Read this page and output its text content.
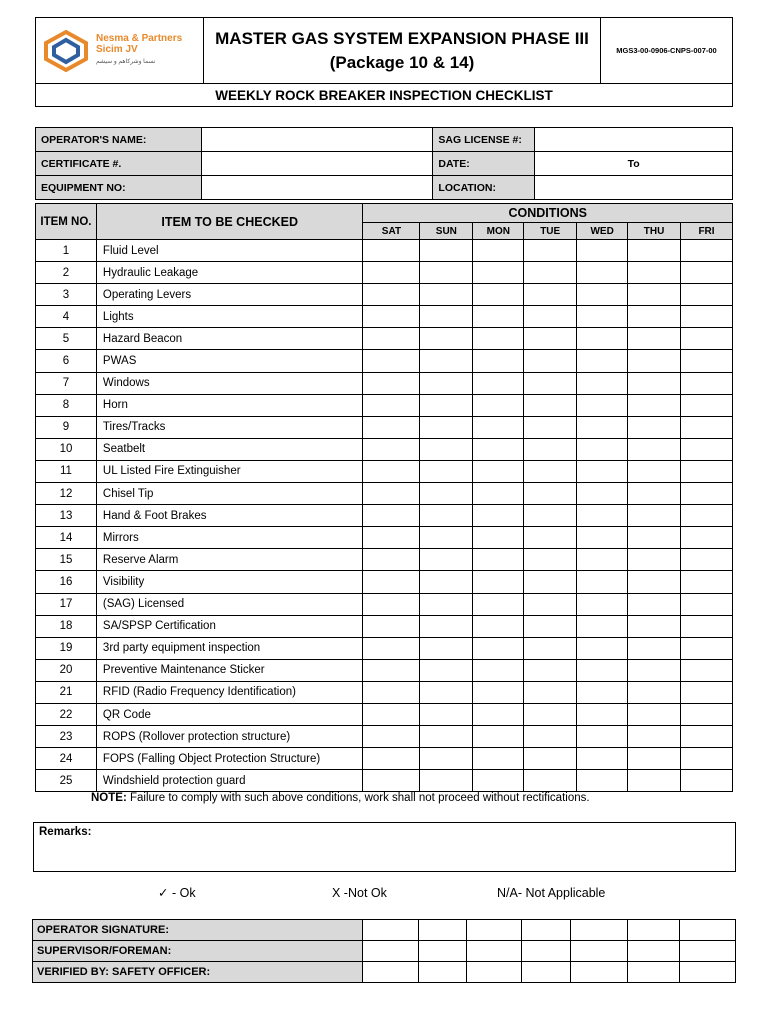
Nesma & Partners
Sicim JV
نسما وشركاهم و سيشم
MASTER GAS SYSTEM EXPANSION PHASE III
(Package 10 & 14)
MGS3-00-0906-CNPS-007-00
WEEKLY ROCK BREAKER INSPECTION CHECKLIST
OPERATOR'S NAME:		SAG LICENSE #:	
CERTIFICATE #.		DATE:	To
EQUIPMENT NO:		LOCATION:	
ITEM NO.	ITEM TO BE CHECKED	CONDITIONS						
		SAT	SUN	MON	TUE	WED	THU	FRI
1	Fluid Level							
2	Hydraulic Leakage							
3	Operating Levers							
4	Lights							
5	Hazard Beacon							
6	PWAS							
7	Windows							
8	Horn							
9	Tires/Tracks							
10	Seatbelt							
11	UL Listed Fire Extinguisher							
12	Chisel Tip							
13	Hand & Foot Brakes							
14	Mirrors							
15	Reserve Alarm							
16	Visibility							
17	(SAG) Licensed							
18	SA/SPSP Certification							
19	3rd party equipment inspection							
20	Preventive Maintenance Sticker							
21	RFID (Radio Frequency Identification)							
22	QR Code							
23	ROPS (Rollover protection structure)							
24	FOPS (Falling Object Protection Structure)							
25	Windshield protection guard							
NOTE: Failure to comply with such above conditions, work shall not proceed without rectifications.
Remarks:
✓ - Ok	X -Not Ok	N/A- Not Applicable
OPERATOR SIGNATURE:							
SUPERVISOR/FOREMAN:							
VERIFIED BY: SAFETY OFFICER:							
